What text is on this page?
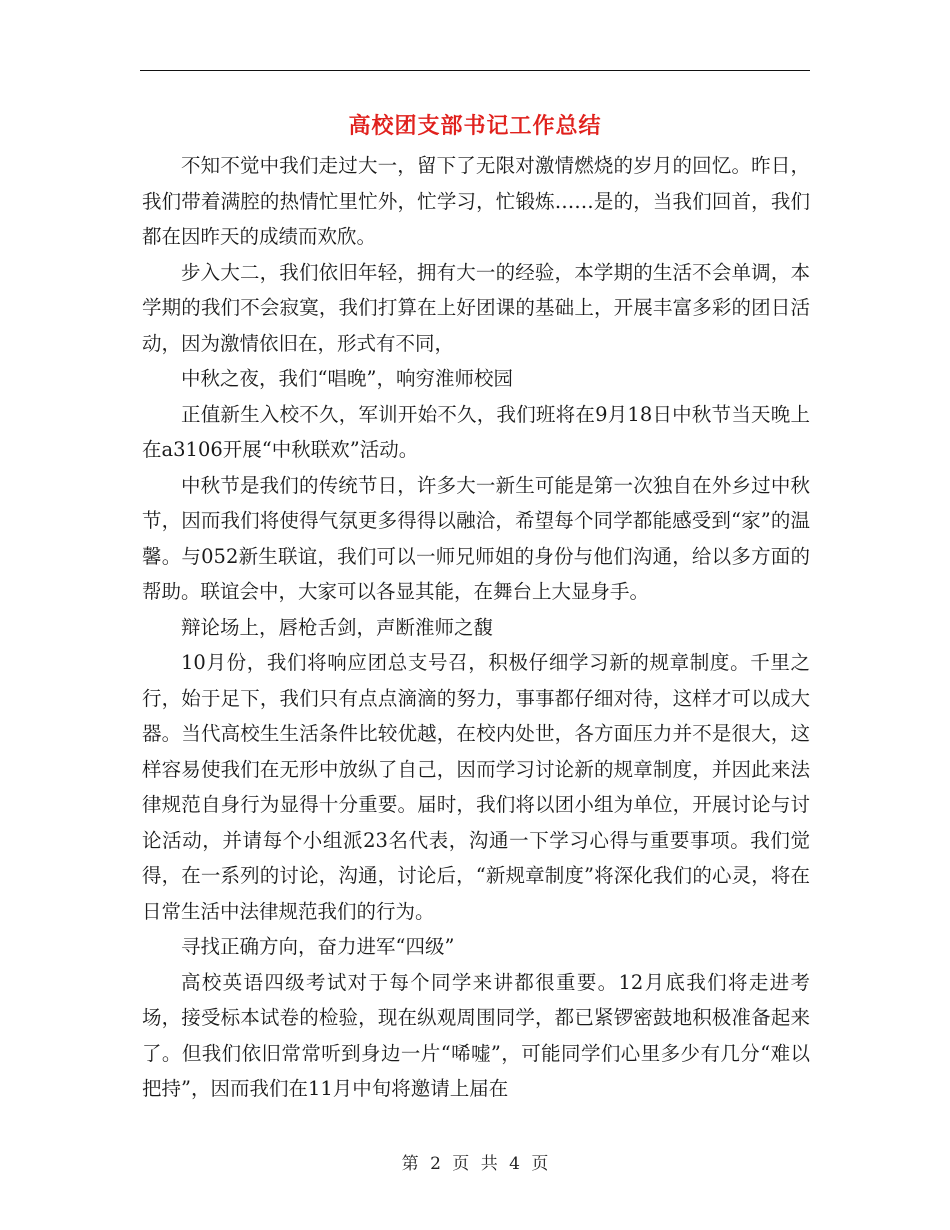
高校团支部书记工作总结

不知不觉中我们走过大一，留下了无限对激情燃烧的岁月的回忆。昨日，我们带着满腔的热情忙里忙外，忙学习，忙锻炼……是的，当我们回首，我们都在因昨天的成绩而欢欣。

步入大二，我们依旧年轻，拥有大一的经验，本学期的生活不会单调，本学期的我们不会寂寞，我们打算在上好团课的基础上，开展丰富多彩的团日活动，因为激情依旧在，形式有不同，

中秋之夜，我们“唱晚”，响穷淮师校园

正值新生入校不久，军训开始不久，我们班将在9月18日中秋节当天晚上在a3106开展“中秋联欢”活动。

中秋节是我们的传统节日，许多大一新生可能是第一次独自在外乡过中秋节，因而我们将使得气氛更多得得以融洽，希望每个同学都能感受到“家”的温馨。与052新生联谊，我们可以一师兄师姐的身份与他们沟通，给以多方面的帮助。联谊会中，大家可以各显其能，在舞台上大显身手。

辩论场上，唇枪舌剑，声断淮师之馥

10月份，我们将响应团总支号召，积极仔细学习新的规章制度。千里之行，始于足下，我们只有点点滴滴的努力，事事都仔细对待，这样才可以成大器。当代高校生生活条件比较优越，在校内处世，各方面压力并不是很大，这样容易使我们在无形中放纵了自己，因而学习讨论新的规章制度，并因此来法律规范自身行为显得十分重要。届时，我们将以团小组为单位，开展讨论与讨论活动，并请每个小组派23名代表，沟通一下学习心得与重要事项。我们觉得，在一系列的讨论，沟通，讨论后，“新规章制度”将深化我们的心灵，将在日常生活中法律规范我们的行为。

寻找正确方向，奋力进军“四级”

高校英语四级考试对于每个同学来讲都很重要。12月底我们将走进考场，接受标本试卷的检验，现在纵观周围同学，都已紧锣密鼓地积极准备起来了。但我们依旧常常听到身边一片“唏嘘”，可能同学们心里多少有几分“难以把持”，因而我们在11月中旬将邀请上届在

第 2 页 共 4 页
